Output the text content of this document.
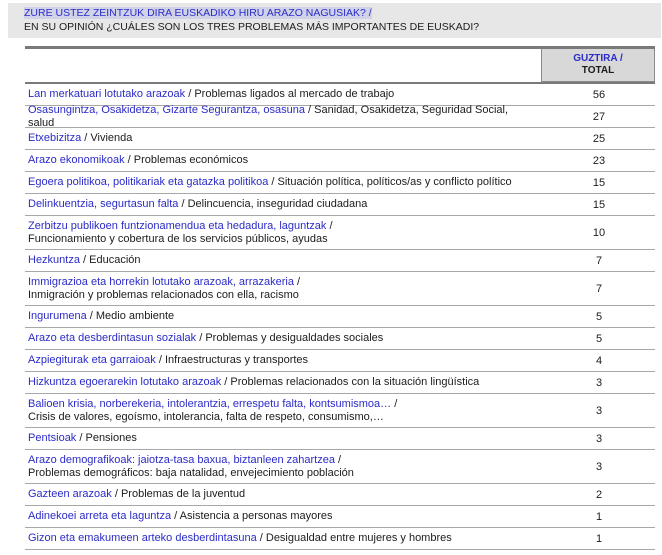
ZURE USTEZ ZEINTZUK DIRA EUSKADIKO HIRU ARAZO NAGUSIAK? /
EN SU OPINIÓN ¿CUÁLES SON LOS TRES PROBLEMAS MÁS IMPORTANTES DE EUSKADI?
GUZTIRA /
TOTAL
Lan merkatuari lotutako arazoak / Problemas ligados al mercado de trabajo	56
Osasungintza, Osakidetza, Gizarte Segurantza, osasuna / Sanidad, Osakidetza, Seguridad Social, salud	27
Etxebizitza / Vivienda	25
Arazo ekonomikoak / Problemas económicos	23
Egoera politikoa, politikariak eta gatazka politikoa / Situación política, políticos/as y conflicto político	15
Delinkuentzia, segurtasun falta / Delincuencia, inseguridad ciudadana	15
Zerbitzu publikoen funtzionamendua eta hedadura, laguntzak /
Funcionamiento y cobertura de los servicios públicos, ayudas	10
Hezkuntza / Educación	7
Immigrazioa eta horrekin lotutako arazoak, arrazakeria /
Inmigración y problemas relacionados con ella, racismo	7
Ingurumena / Medio ambiente	5
Arazo eta desberdintasun sozialak / Problemas y desigualdades sociales	5
Azpiegiturak eta garraioak / Infraestructuras y transportes	4
Hizkuntza egoerarekin lotutako arazoak / Problemas relacionados con la situación lingüística	3
Balioen krisia, norberekeria, intolerantzia, errespetu falta, kontsumismoa… /
Crisis de valores, egoísmo, intolerancia, falta de respeto, consumismo,…	3
Pentsioak / Pensiones	3
Arazo demografikoak: jaiotza-tasa baxua, biztanleen zahartzea /
Problemas demográficos: baja natalidad, envejecimiento población	3
Gazteen arazoak / Problemas de la juventud	2
Adinekoei arreta eta laguntza / Asistencia a personas mayores	1
Gizon eta emakumeen arteko desberdintasuna / Desigualdad entre mujeres y hombres	1
